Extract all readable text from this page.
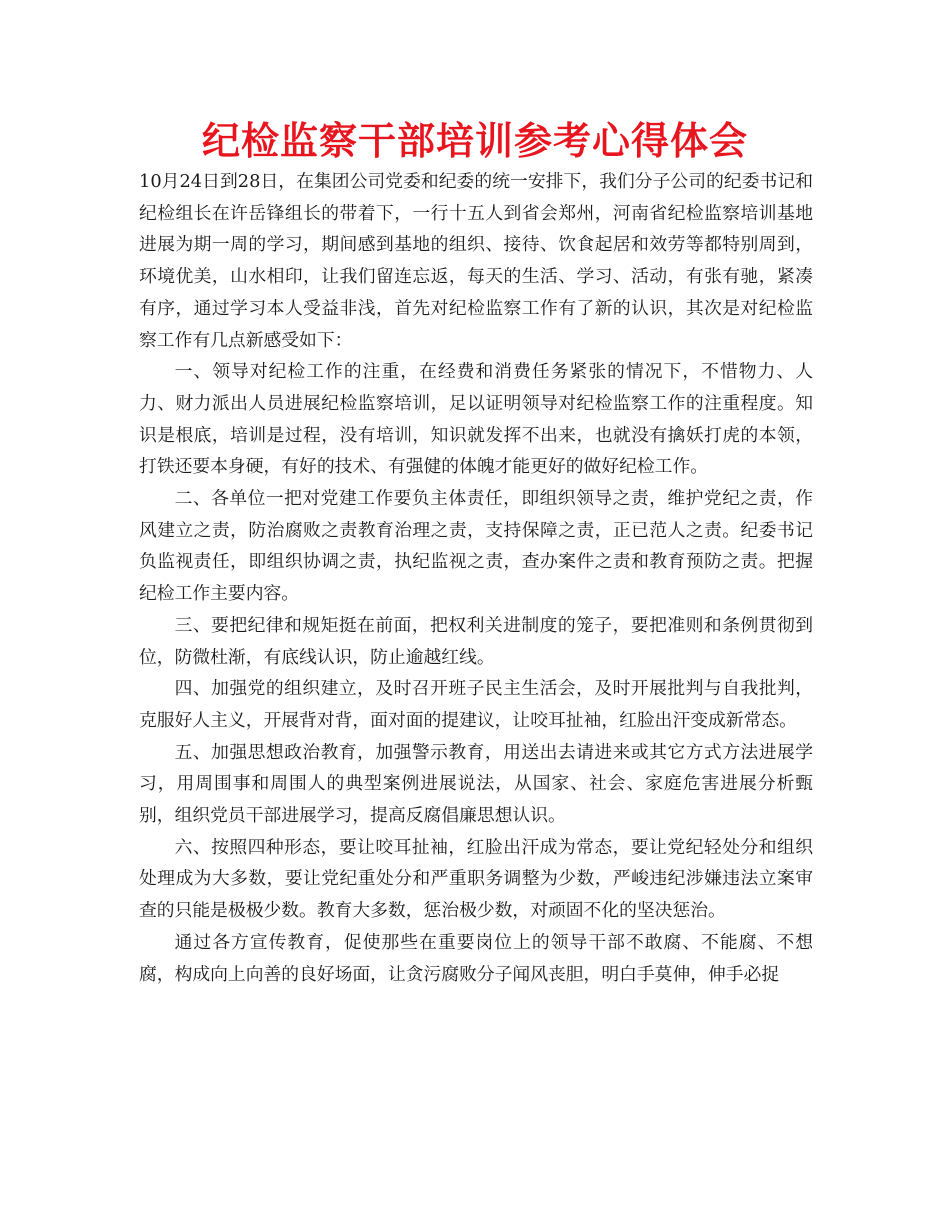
纪检监察干部培训参考心得体会

10月24日到28日，在集团公司党委和纪委的统一安排下，我们分子公司的纪委书记和纪检组长在许岳锋组长的带着下，一行十五人到省会郑州，河南省纪检监察培训基地进展为期一周的学习，期间感到基地的组织、接待、饮食起居和效劳等都特别周到，环境优美，山水相印，让我们留连忘返，每天的生活、学习、活动，有张有驰，紧凑有序，通过学习本人受益非浅，首先对纪检监察工作有了新的认识，其次是对纪检监察工作有几点新感受如下：

一、领导对纪检工作的注重，在经费和消费任务紧张的情况下，不惜物力、人力、财力派出人员进展纪检监察培训，足以证明领导对纪检监察工作的注重程度。知识是根底，培训是过程，没有培训，知识就发挥不出来，也就没有擒妖打虎的本领，打铁还要本身硬，有好的技术、有强健的体魄才能更好的做好纪检工作。

二、各单位一把对党建工作要负主体责任，即组织领导之责，维护党纪之责，作风建立之责，防治腐败之责教育治理之责，支持保障之责，正已范人之责。纪委书记负监视责任，即组织协调之责，执纪监视之责，查办案件之责和教育预防之责。把握纪检工作主要内容。

三、要把纪律和规矩挺在前面，把权利关进制度的笼子，要把准则和条例贯彻到位，防微杜渐，有底线认识，防止逾越红线。

四、加强党的组织建立，及时召开班子民主生活会，及时开展批判与自我批判，克服好人主义，开展背对背，面对面的提建议，让咬耳扯袖，红脸出汗变成新常态。

五、加强思想政治教育，加强警示教育，用送出去请进来或其它方式方法进展学习，用周围事和周围人的典型案例进展说法，从国家、社会、家庭危害进展分析甄别，组织党员干部进展学习，提高反腐倡廉思想认识。

六、按照四种形态，要让咬耳扯袖，红脸出汗成为常态，要让党纪轻处分和组织处理成为大多数，要让党纪重处分和严重职务调整为少数，严峻违纪涉嫌违法立案审查的只能是极极少数。教育大多数，惩治极少数，对顽固不化的坚决惩治。

通过各方宣传教育，促使那些在重要岗位上的领导干部不敢腐、不能腐、不想腐，构成向上向善的良好场面，让贪污腐败分子闻风丧胆，明白手莫伸，伸手必捉
